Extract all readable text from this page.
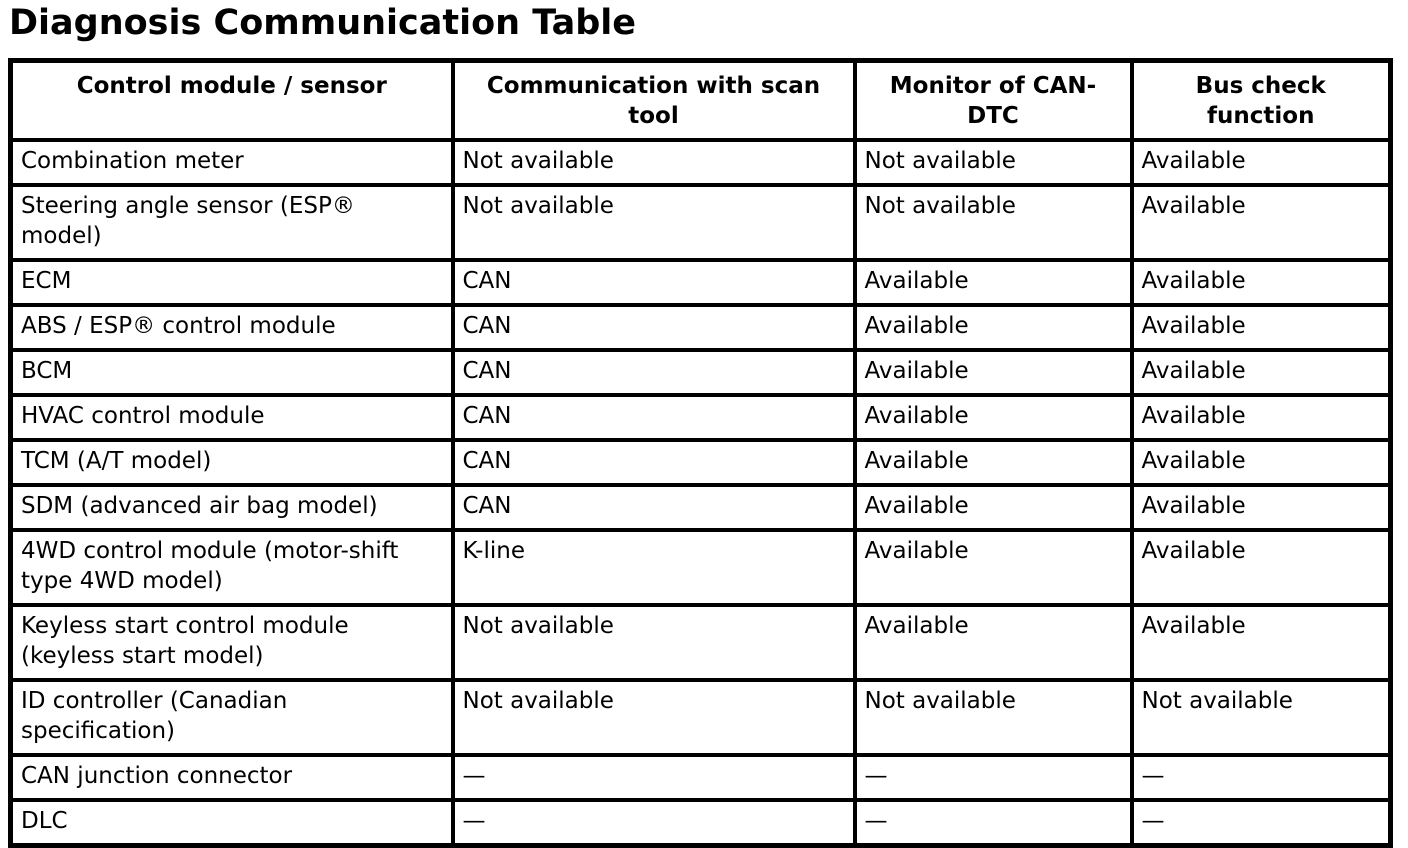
Diagnosis Communication Table
Control module / sensor	Communication with scan tool	Monitor of CAN-DTC	Bus check function
Combination meter	Not available	Not available	Available
Steering angle sensor (ESP® model)	Not available	Not available	Available
ECM	CAN	Available	Available
ABS / ESP® control module	CAN	Available	Available
BCM	CAN	Available	Available
HVAC control module	CAN	Available	Available
TCM (A/T model)	CAN	Available	Available
SDM (advanced air bag model)	CAN	Available	Available
4WD control module (motor-shift type 4WD model)	K-line	Available	Available
Keyless start control module (keyless start model)	Not available	Available	Available
ID controller (Canadian specification)	Not available	Not available	Not available
CAN junction connector	—	—	—
DLC	—	—	—
